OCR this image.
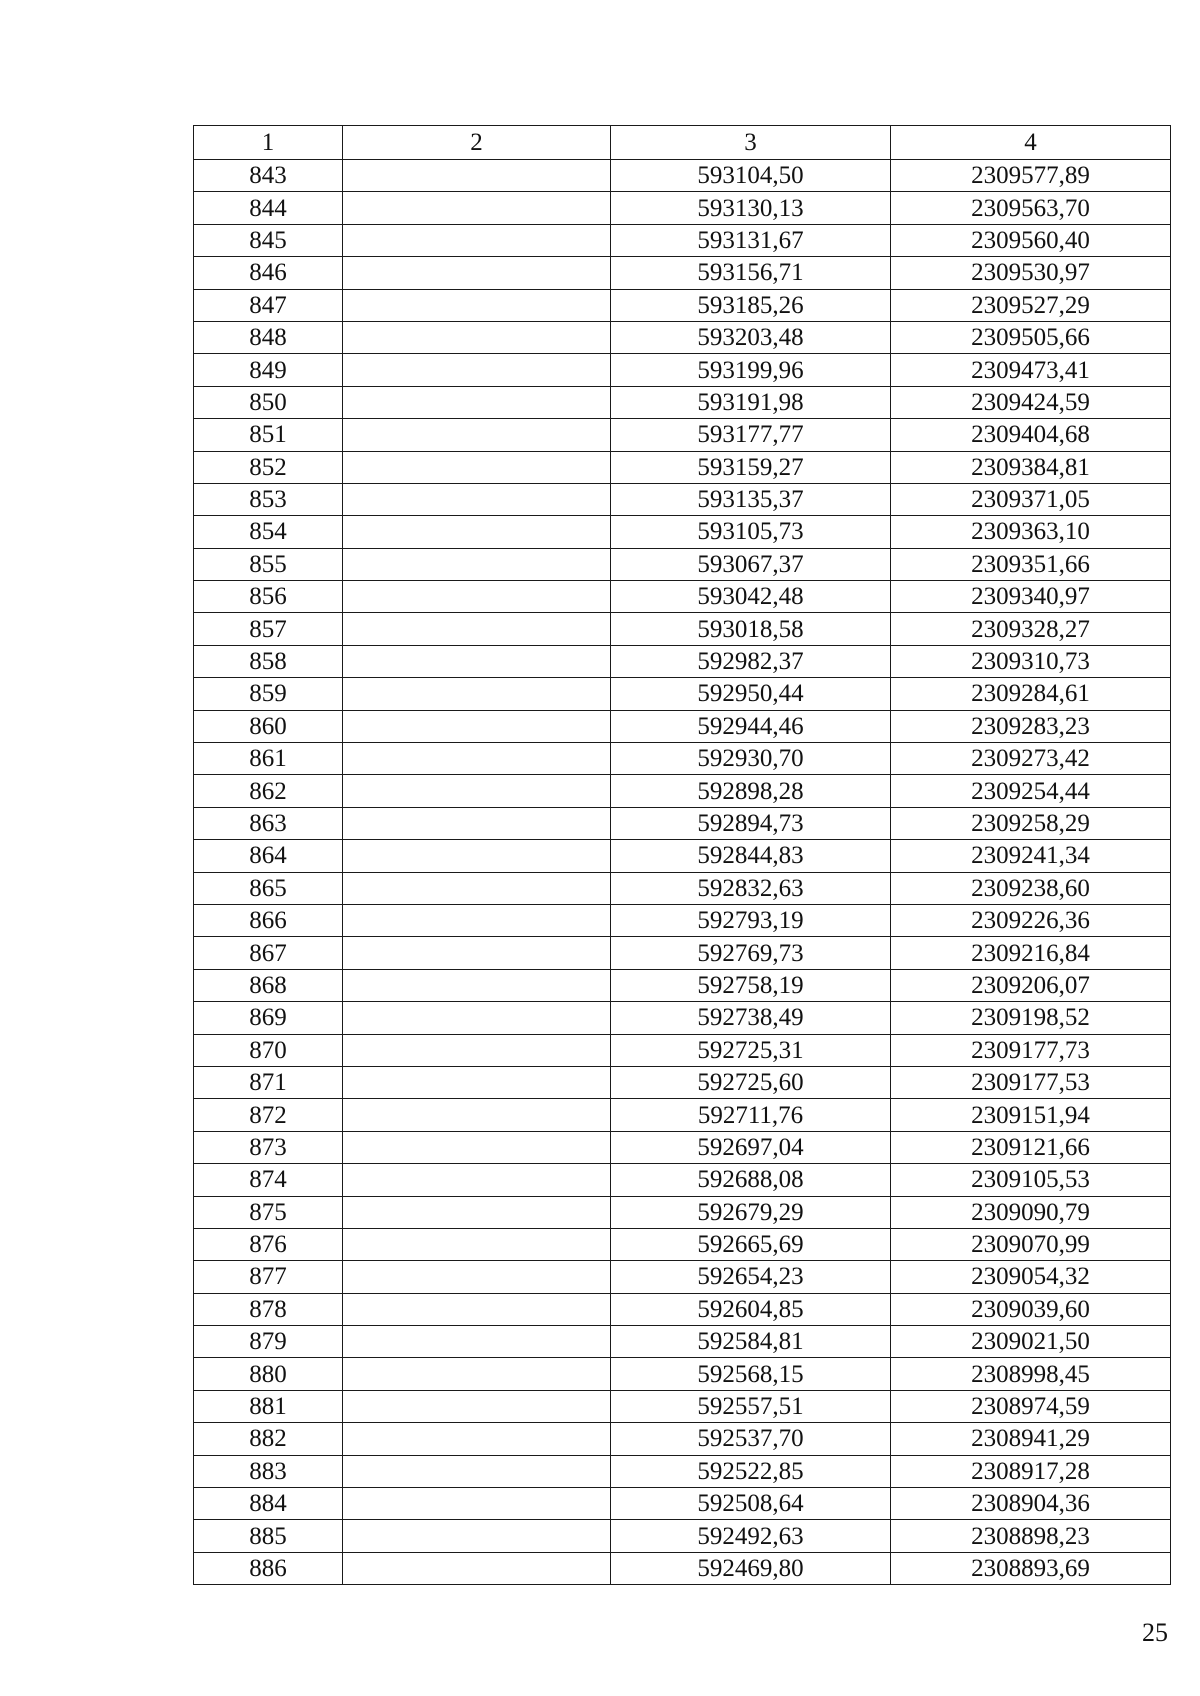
1	2	3	4
843		593104,50	2309577,89
844		593130,13	2309563,70
845		593131,67	2309560,40
846		593156,71	2309530,97
847		593185,26	2309527,29
848		593203,48	2309505,66
849		593199,96	2309473,41
850		593191,98	2309424,59
851		593177,77	2309404,68
852		593159,27	2309384,81
853		593135,37	2309371,05
854		593105,73	2309363,10
855		593067,37	2309351,66
856		593042,48	2309340,97
857		593018,58	2309328,27
858		592982,37	2309310,73
859		592950,44	2309284,61
860		592944,46	2309283,23
861		592930,70	2309273,42
862		592898,28	2309254,44
863		592894,73	2309258,29
864		592844,83	2309241,34
865		592832,63	2309238,60
866		592793,19	2309226,36
867		592769,73	2309216,84
868		592758,19	2309206,07
869		592738,49	2309198,52
870		592725,31	2309177,73
871		592725,60	2309177,53
872		592711,76	2309151,94
873		592697,04	2309121,66
874		592688,08	2309105,53
875		592679,29	2309090,79
876		592665,69	2309070,99
877		592654,23	2309054,32
878		592604,85	2309039,60
879		592584,81	2309021,50
880		592568,15	2308998,45
881		592557,51	2308974,59
882		592537,70	2308941,29
883		592522,85	2308917,28
884		592508,64	2308904,36
885		592492,63	2308898,23
886		592469,80	2308893,69
25
